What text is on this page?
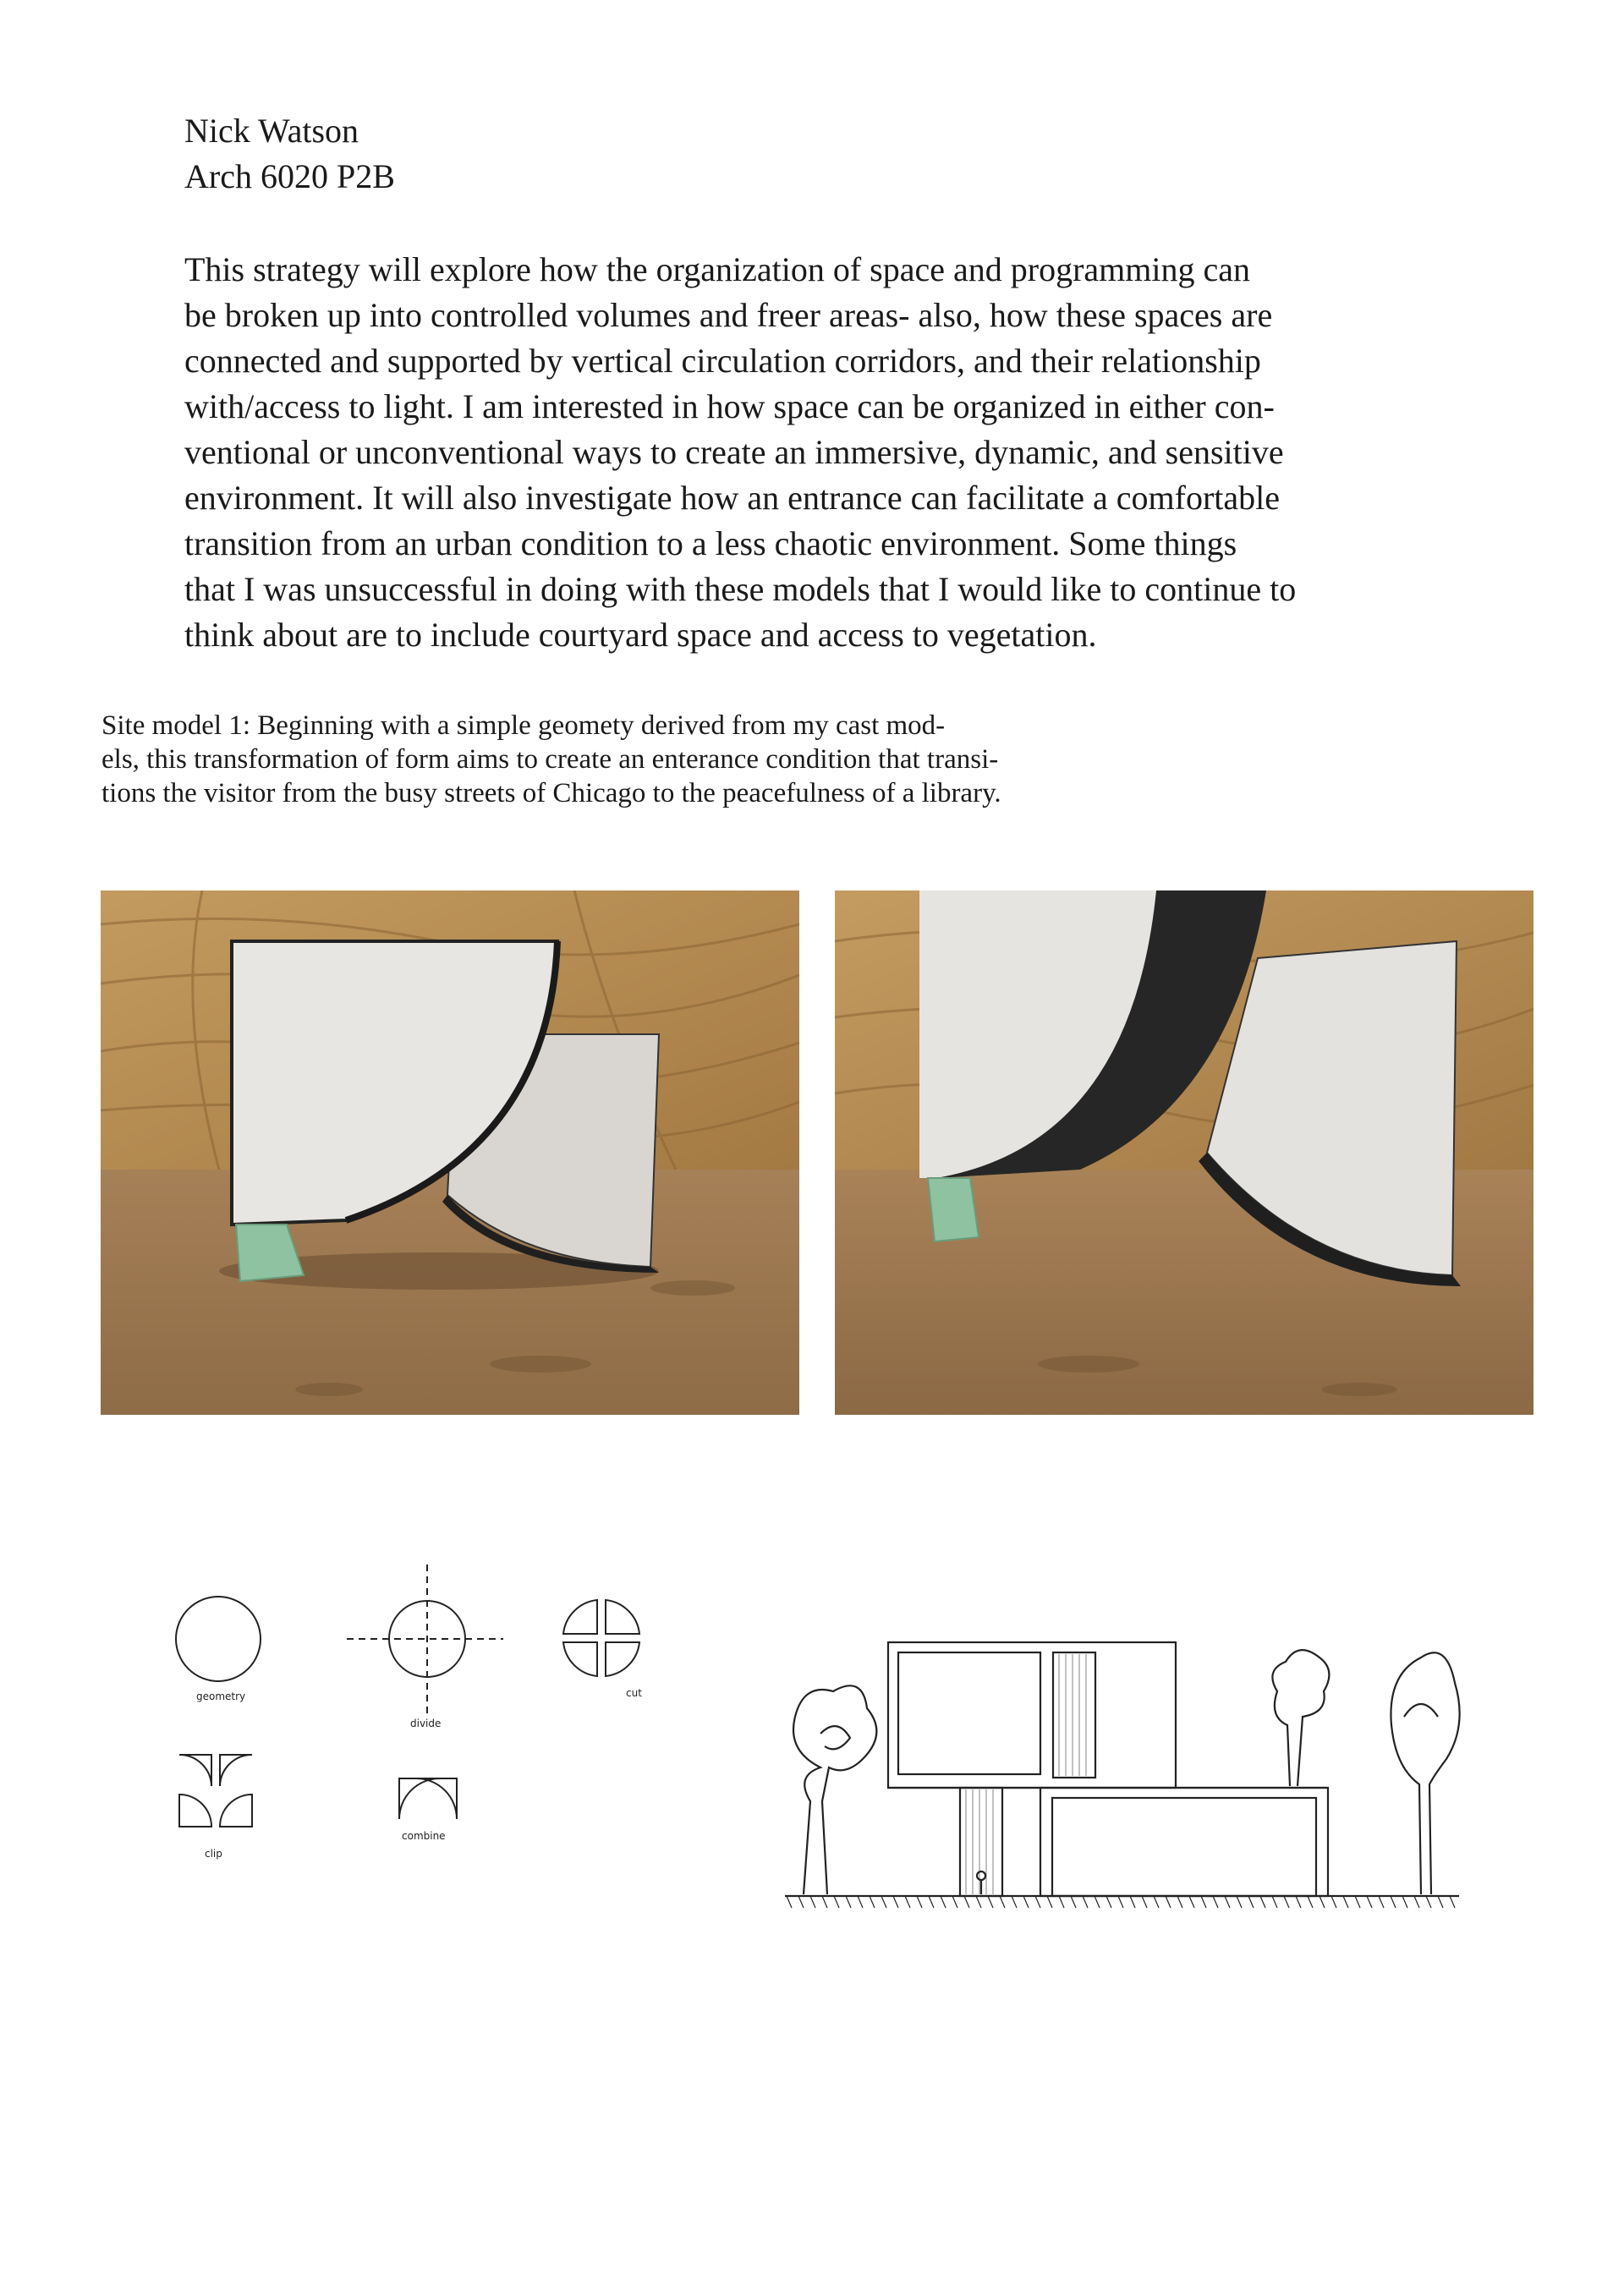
Nick Watson

Arch 6020 P2B

This strategy will explore how the organization of space and programming can
be broken up into controlled volumes and freer areas- also, how these spaces are
connected and supported by vertical circulation corridors, and their relationship
with/access to light. I am interested in how space can be organized in either con-
ventional or unconventional ways to create an immersive, dynamic, and sensitive
environment. It will also investigate how an entrance can facilitate a comfortable
transition from an urban condition to a less chaotic environment. Some things
that I was unsuccessful in doing with these models that I would like to continue to
think about are to include courtyard space and access to vegetation.

Site model 1: Beginning with a simple geomety derived from my cast mod-
els, this transformation of form aims to create an enterance condition that transi-
tions the visitor from the busy streets of Chicago to the peacefulness of a library.

geometry
divide
cut
clip
combine
